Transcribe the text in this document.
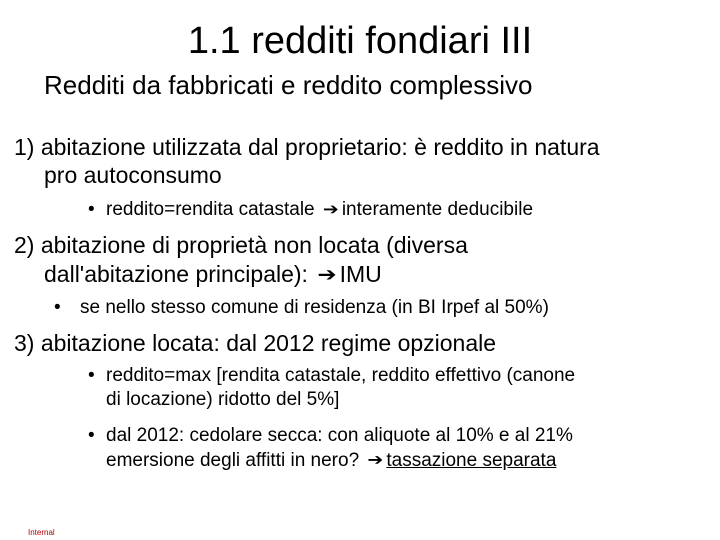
1.1 redditi fondiari III
Redditi da fabbricati e reddito complessivo
1) abitazione utilizzata dal proprietario: è reddito in natura
pro autoconsumo
• reddito=rendita catastale ➔ interamente deducibile
2) abitazione di proprietà non locata (diversa
dall'abitazione principale): ➔ IMU
• se nello stesso comune di residenza (in BI Irpef al 50%)
3) abitazione locata: dal 2012 regime opzionale
• reddito=max [rendita catastale, reddito effettivo (canone
di locazione) ridotto del 5%]
• dal 2012: cedolare secca: con aliquote al 10% e al 21%
emersione degli affitti in nero? ➔ tassazione separata
Internal
